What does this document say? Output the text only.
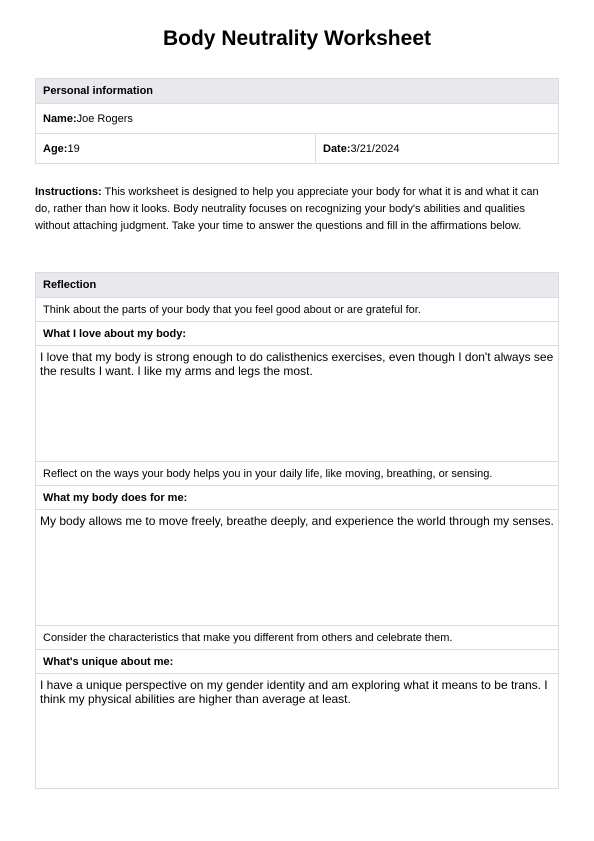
Body Neutrality Worksheet
Personal information
Name: Joe Rogers
Age: 19	Date: 3/21/2024
Instructions: This worksheet is designed to help you appreciate your body for what it is and what it can do, rather than how it looks. Body neutrality focuses on recognizing your body's abilities and qualities without attaching judgment. Take your time to answer the questions and fill in the affirmations below.
Reflection
Think about the parts of your body that you feel good about or are grateful for.
What I love about my body:
I love that my body is strong enough to do calisthenics exercises, even though I don't always see the results I want. I like my arms and legs the most.
Reflect on the ways your body helps you in your daily life, like moving, breathing, or sensing.
What my body does for me:
My body allows me to move freely, breathe deeply, and experience the world through my senses.
Consider the characteristics that make you different from others and celebrate them.
What's unique about me:
I have a unique perspective on my gender identity and am exploring what it means to be trans. I think my physical abilities are higher than average at least.
